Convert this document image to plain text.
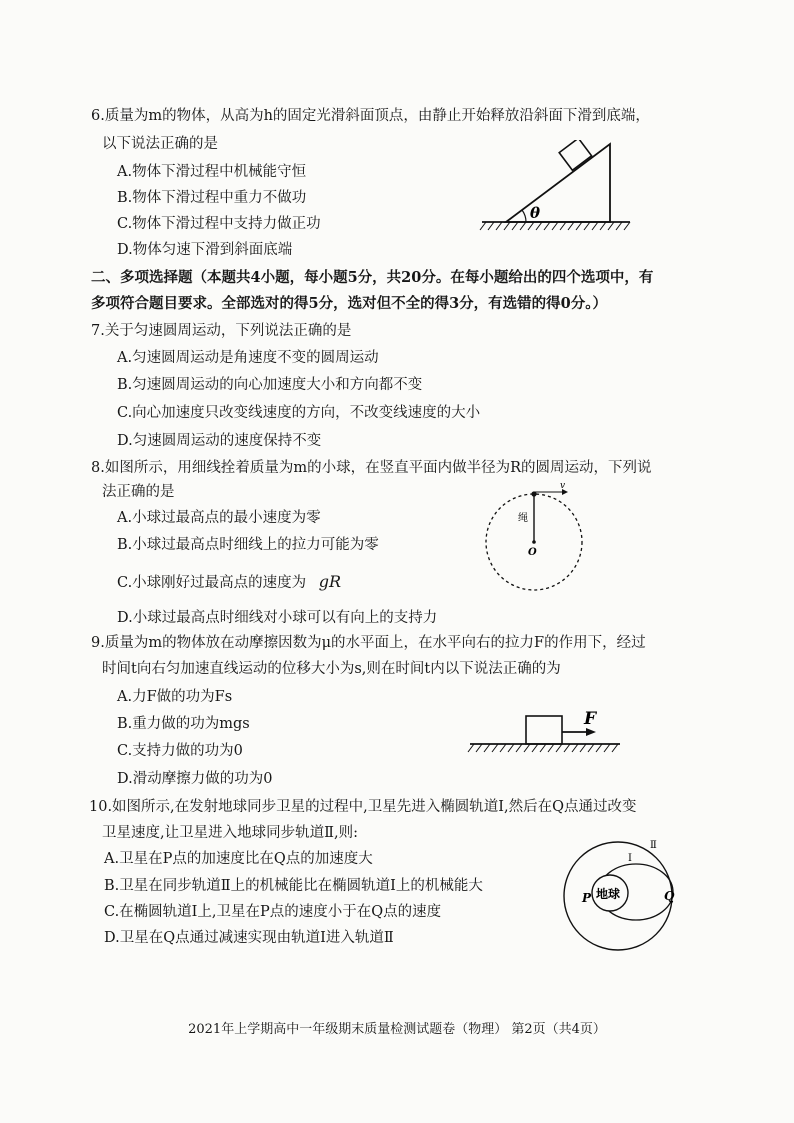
6.质量为m的物体，从高为h的固定光滑斜面顶点，由静止开始释放沿斜面下滑到底端，
以下说法正确的是
A.物体下滑过程中机械能守恒
B.物体下滑过程中重力不做功
C.物体下滑过程中支持力做正功
D.物体匀速下滑到斜面底端
θ
二、多项选择题（本题共4小题，每小题5分，共20分。在每小题给出的四个选项中，有
多项符合题目要求。全部选对的得5分，选对但不全的得3分，有选错的得0分。）
7.关于匀速圆周运动，下列说法正确的是
A.匀速圆周运动是角速度不变的圆周运动
B.匀速圆周运动的向心加速度大小和方向都不变
C.向心加速度只改变线速度的方向，不改变线速度的大小
D.匀速圆周运动的速度保持不变
8.如图所示，用细线拴着质量为m的小球，在竖直平面内做半径为R的圆周运动，下列说
法正确的是
A.小球过最高点的最小速度为零
B.小球过最高点时细线上的拉力可能为零
C.小球刚好过最高点的速度为 gR
D.小球过最高点时细线对小球可以有向上的支持力
v
绳
O
9.质量为m的物体放在动摩擦因数为μ的水平面上，在水平向右的拉力F的作用下，经过
时间t向右匀加速直线运动的位移大小为s,则在时间t内以下说法正确的为
A.力F做的功为Fs
B.重力做的功为mgs
C.支持力做的功为0
D.滑动摩擦力做的功为0
F
10.如图所示,在发射地球同步卫星的过程中,卫星先进入椭圆轨道Ⅰ,然后在Q点通过改变
卫星速度,让卫星进入地球同步轨道Ⅱ,则:
A.卫星在P点的加速度比在Q点的加速度大
B.卫星在同步轨道Ⅱ上的机械能比在椭圆轨道Ⅰ上的机械能大
C.在椭圆轨道Ⅰ上,卫星在P点的速度小于在Q点的速度
D.卫星在Q点通过减速实现由轨道Ⅰ进入轨道Ⅱ
地球
P	Q
Ⅰ
Ⅱ
2021年上学期高中一年级期末质量检测试题卷（物理） 第2页（共4页）
